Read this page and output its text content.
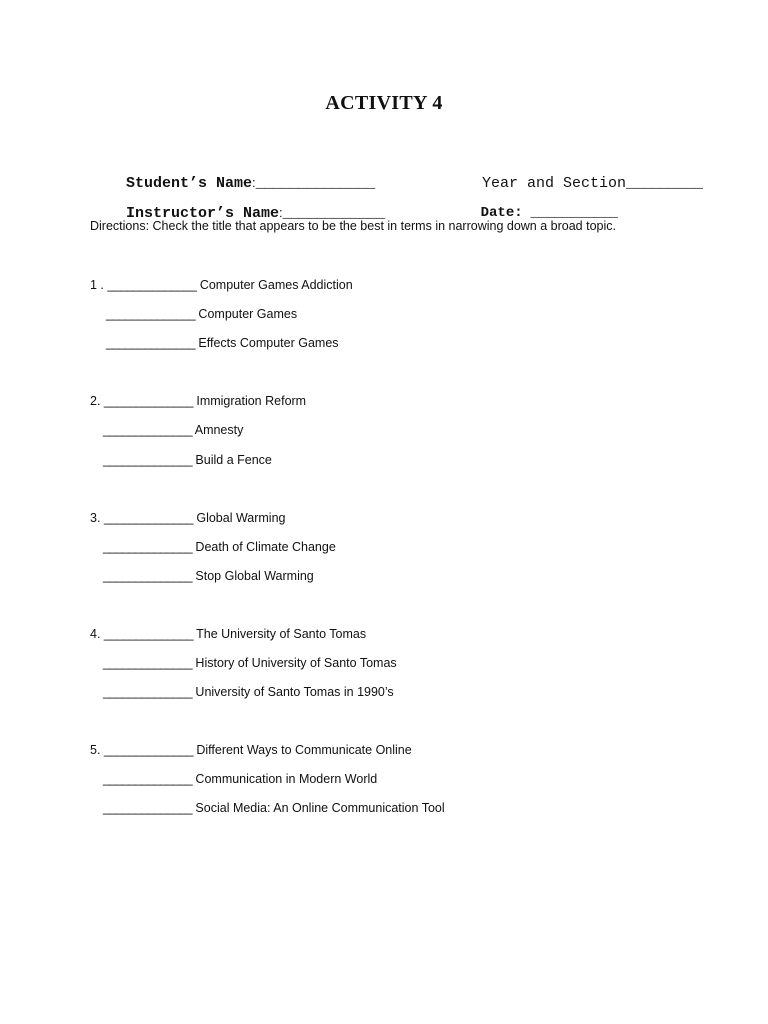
ACTIVITY 4

Student’s Name:______________
	Year and Section_________

Instructor’s Name:____________
	Date: ___________

Directions: Check the title that appears to be the best in terms in narrowing down a broad topic.
1 . ______________ Computer Games Addiction
______________ Computer Games
______________ Effects Computer Games
2. ______________ Immigration Reform
______________ Amnesty
______________ Build a Fence
3. ______________ Global Warming
______________ Death of Climate Change
______________ Stop Global Warming
4. ______________ The University of Santo Tomas
______________ History of University of Santo Tomas
______________ University of Santo Tomas in 1990’s
5. ______________ Different Ways to Communicate Online
______________ Communication in Modern World
______________ Social Media: An Online Communication Tool
